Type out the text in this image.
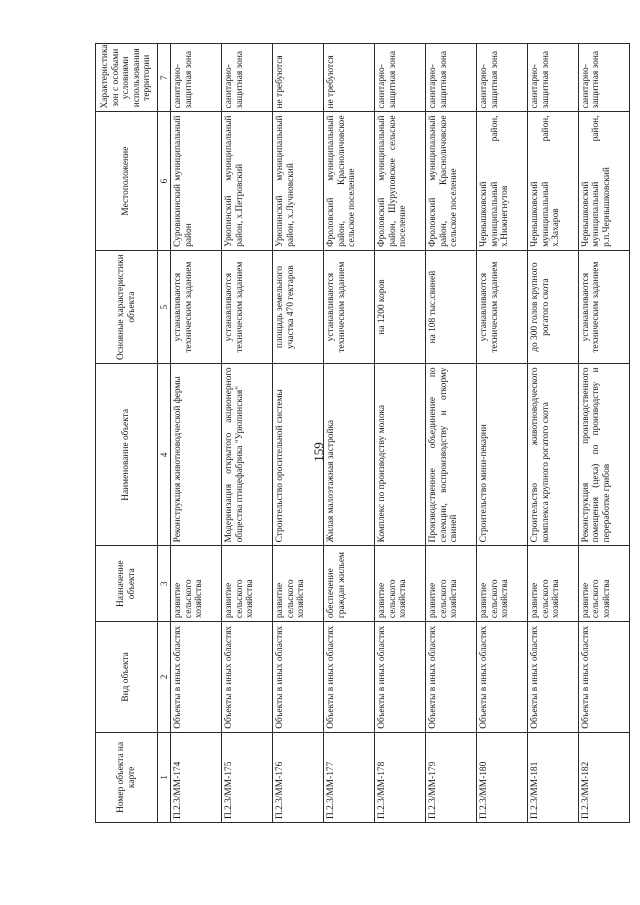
159
Номер объекта на карте	Вид объекта	Назначение объекта	Наименование объекта	Основные характеристики объекта	Местоположение	Характеристика зон с особыми условиями использования территории
1	2	3	4	5	6	7
П.2.3/ММ-174	Объекты в иных областях	развитие сельского хозяйства	Реконструкция животноводческой фермы	устанавливаются техническим заданием	Суровикинский муниципальный район	санитарно-защитная зона
П.2.3/ММ-175	Объекты в иных областях	развитие сельского хозяйства	Модернизация открытого акционерного общества птицефабрика "Урюпинская"	устанавливаются техническим заданием	Урюпинский муниципальный район, х.Петровский	санитарно-защитная зона
П.2.3/ММ-176	Объекты в иных областях	развитие сельского хозяйства	Строительство оросительной системы	площадь земельного участка 470 гектаров	Урюпинский муниципальный район, х.Лучновский	не требуются
П.2.3/ММ-177	Объекты в иных областях	обеспечение граждан жильем	Жилая малоэтажная застройка	устанавливаются техническим заданием	Фроловский муниципальный район, Красноличовское сельское поселение	не требуются
П.2.3/ММ-178	Объекты в иных областях	развитие сельского хозяйства	Комплекс по производству молока	на 1200 коров	Фроловский муниципальный район, Шуруповское сельское поселение	санитарно-защитная зона
П.2.3/ММ-179	Объекты в иных областях	развитие сельского хозяйства	Производственное объединение по селекции, воспроизводству и откорму свиней	на 108 тыс.свиней	Фроловский муниципальный район, Красноличовское сельское поселение	санитарно-защитная зона
П.2.3/ММ-180	Объекты в иных областях	развитие сельского хозяйства	Строительство мини-пекарни	устанавливаются техническим заданием	Чернышковский муниципальный район, х.Нижнегнутов	санитарно-защитная зона
П.2.3/ММ-181	Объекты в иных областях	развитие сельского хозяйства	Строительство животноводческого комплекса крупного рогатого скота	до 300 голов крупного рогатого скота	Чернышковский муниципальный район, х.Захаров	санитарно-защитная зона
П.2.3/ММ-182	Объекты в иных областях	развитие сельского хозяйства	Реконструкция производственного помещения (цеха) по производству и переработке грибов	устанавливаются техническим заданием	Чернышковский муниципальный район, р.п.Чернышковский	санитарно-защитная зона
